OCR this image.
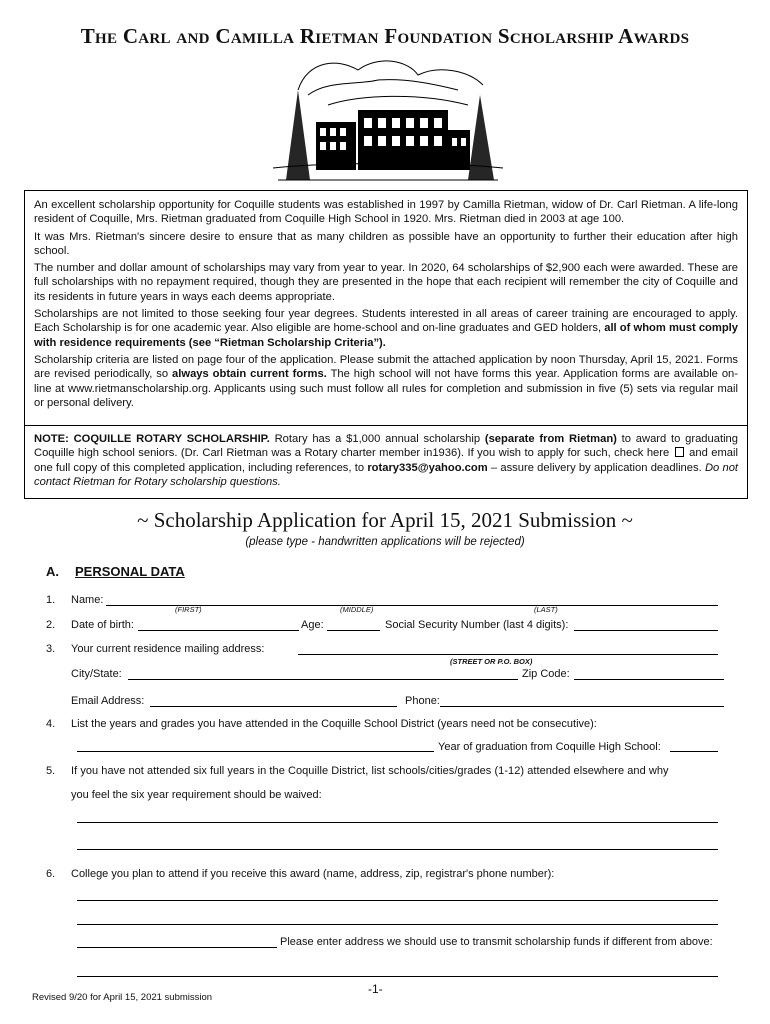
The Carl and Camilla Rietman Foundation Scholarship Awards

An excellent scholarship opportunity for Coquille students was established in 1997 by Camilla Rietman, widow of Dr. Carl Rietman. A life-long resident of Coquille, Mrs. Rietman graduated from Coquille High School in 1920. Mrs. Rietman died in 2003 at age 100.

It was Mrs. Rietman's sincere desire to ensure that as many children as possible have an opportunity to further their education after high school.

The number and dollar amount of scholarships may vary from year to year. In 2020, 64 scholarships of $2,900 each were awarded. These are full scholarships with no repayment required, though they are presented in the hope that each recipient will remember the city of Coquille and its residents in future years in ways each deems appropriate.

Scholarships are not limited to those seeking four year degrees. Students interested in all areas of career training are encouraged to apply. Each Scholarship is for one academic year. Also eligible are home-school and on-line graduates and GED holders, all of whom must comply with residence requirements (see “Rietman Scholarship Criteria”).

Scholarship criteria are listed on page four of the application. Please submit the attached application by noon Thursday, April 15, 2021. Forms are revised periodically, so always obtain current forms. The high school will not have forms this year. Application forms are available on-line at www.rietmanscholarship.org. Applicants using such must follow all rules for completion and submission in five (5) sets via regular mail or personal delivery.

NOTE: COQUILLE ROTARY SCHOLARSHIP. Rotary has a $1,000 annual scholarship (separate from Rietman) to award to graduating Coquille high school seniors. (Dr. Carl Rietman was a Rotary charter member in1936). If you wish to apply for such, check here and email one full copy of this completed application, including references, to rotary335@yahoo.com – assure delivery by application deadlines. Do not contact Rietman for Rotary scholarship questions.
~ Scholarship Application for April 15, 2021 Submission ~
(please type - handwritten applications will be rejected)
A. PERSONAL DATA
1. Name:
(FIRST)	(MIDDLE)	(LAST)
2. Date of birth:	Age:	Social Security Number (last 4 digits):
3. Your current residence mailing address:
(STREET OR P.O. BOX)
City/State:	Zip Code:
Email Address:	Phone:
4. List the years and grades you have attended in the Coquille School District (years need not be consecutive):
Year of graduation from Coquille High School:
5. If you have not attended six full years in the Coquille District, list schools/cities/grades (1-12) attended elsewhere and why
you feel the six year requirement should be waived:
6. College you plan to attend if you receive this award (name, address, zip, registrar's phone number):
Please enter address we should use to transmit scholarship funds if different from above:
-1-
Revised 9/20 for April 15, 2021 submission
